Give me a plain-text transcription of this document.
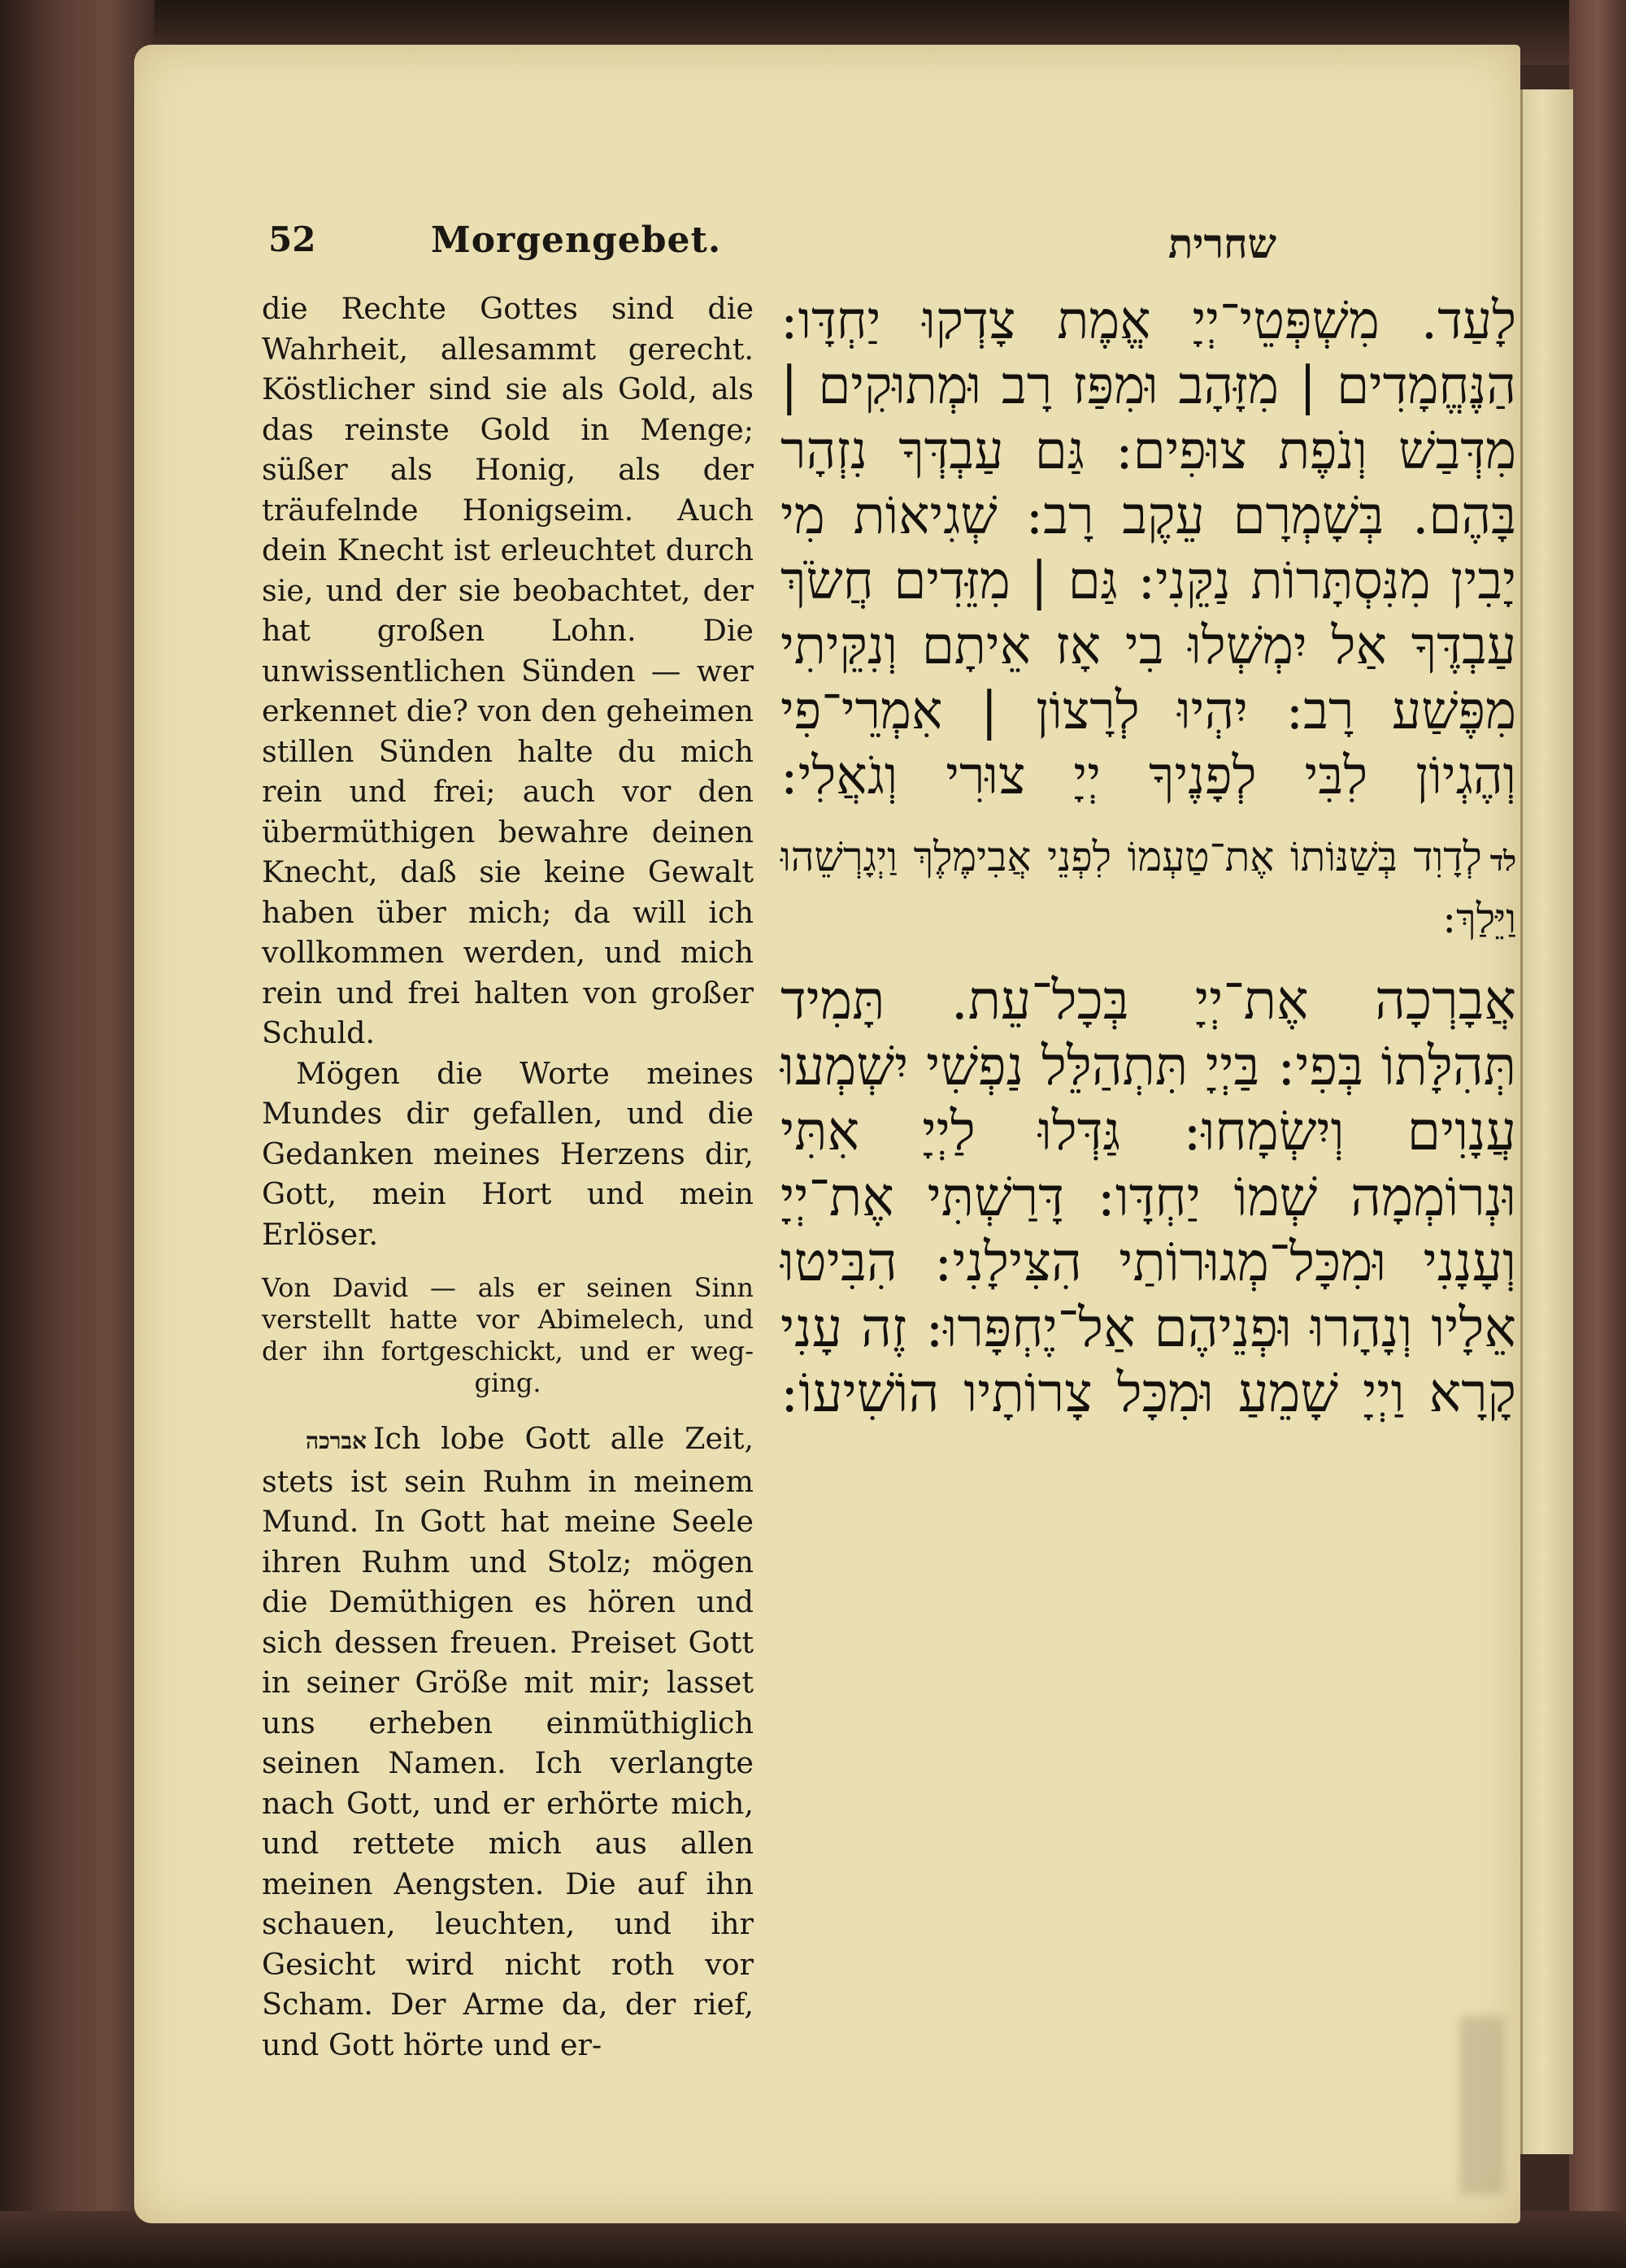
52	Morgengebet.	שחרית

die Rechte Gottes sind die Wahrheit, allesammt gerecht. Köstlicher sind sie als Gold, als das reinste Gold in Menge; süßer als Honig, als der träufelnde Honigseim. Auch dein Knecht ist erleuchtet durch sie, und der sie beobachtet, der hat großen Lohn. Die unwissentlichen Sünden — wer erkennet die? von den geheimen stillen Sünden halte du mich rein und frei; auch vor den übermüthigen bewahre deinen Knecht, daß sie keine Gewalt haben über mich; da will ich vollkommen werden, und mich rein und frei halten von großer Schuld.

Mögen die Worte meines Mundes dir gefallen, und die Gedanken meines Herzens dir, Gott, mein Hort und mein Erlöser.

Von David — als er seinen Sinn verstellt hatte vor Abimelech, und der ihn fortgeschickt, und er weg-ging.

אברכה Ich lobe Gott alle Zeit, stets ist sein Ruhm in meinem Mund. In Gott hat meine Seele ihren Ruhm und Stolz; mögen die Demüthigen es hören und sich dessen freuen. Preiset Gott in seiner Größe mit mir; lasset uns erheben einmüthiglich seinen Namen. Ich verlangte nach Gott, und er erhörte mich, und rettete mich aus allen meinen Aengsten. Die auf ihn schauen, leuchten, und ihr Gesicht wird nicht roth vor Scham. Der Arme da, der rief, und Gott hörte und er-

לָעַד. מִשְׁפְּטֵי־יְיָ אֱמֶת צָדְקוּ יַחְדָּו: הַנֶּחֱמָדִים | מִזָּהָב וּמִפַּז רָב וּמְתוּקִים | מִדְּבַשׁ וְנֹפֶת צוּפִים: גַּם עַבְדְּךָ נִזְהָר בָּהֶם. בְּשָׁמְרָם עֵקֶב רָב: שְׁגִיאוֹת מִי יָבִין מִנִּסְתָּרוֹת נַקֵּנִי: גַּם | מִזֵּדִים חֲשֹׂךְ עַבְדֶּךָ אַל יִמְשְׁלוּ בִי אָז אֵיתָם וְנִקֵּיתִי מִפֶּשַׁע רָב: יִהְיוּ לְרָצוֹן | אִמְרֵי־פִי וְהֶגְיוֹן לִבִּי לְפָנֶיךָ יְיָ צוּרִי וְגֹאֲלִי:

לדלְדָוִד בְּשַׁנּוֹתוֹ אֶת־טַעְמוֹ לִפְנֵי אֲבִימֶלֶךְ וַיְגָרְשֵׁהוּ וַיֵּלַךְ:

אֲבָרְכָה אֶת־יְיָ בְּכָל־עֵת. תָּמִיד תְּהִלָּתוֹ בְּפִי: בַּיְיָ תִּתְהַלֵּל נַפְשִׁי יִשְׁמְעוּ עֲנָוִים וְיִשְׂמָחוּ: גַּדְּלוּ לַיְיָ אִתִּי וּנְרוֹמְמָה שְׁמוֹ יַחְדָּו: דָּרַשְׁתִּי אֶת־יְיָ וְעָנָנִי וּמִכָּל־מְגוּרוֹתַי הִצִּילָנִי: הִבִּיטוּ אֵלָיו וְנָהָרוּ וּפְנֵיהֶם אַל־יֶחְפָּרוּ: זֶה עָנִי קָרָא וַיְיָ שָׁמֵעַ וּמִכָּל צָרוֹתָיו הוֹשִׁיעוֹ:
